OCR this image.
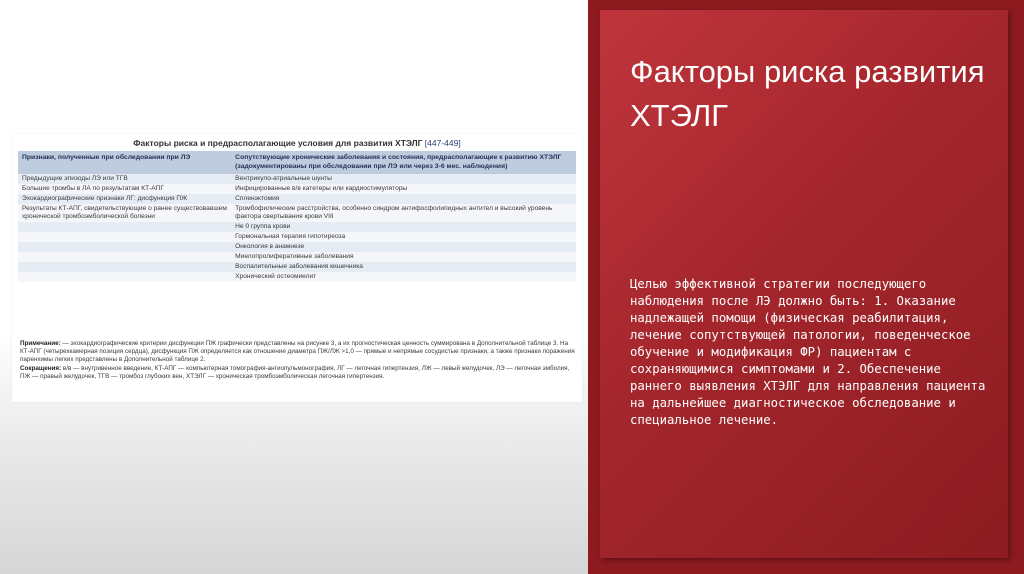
Факторы риска и предрасполагающие условия для развития ХТЭЛГ [447-449]
Признаки, полученные при обследовании при ЛЭ	Сопутствующие хронические заболевания и состояния, предрасполагающие к развитию ХТЭЛГ (задокументированы при обследовании при ЛЭ или через 3-6 мес. наблюдения)
Предыдущие эпизоды ЛЭ или ТГВ	Вентрикуло-атриальные шунты
Большие тромбы в ЛА по результатам КТ-АПГ	Инфицированные в/в катетеры или кардиостимуляторы
Эхокардиографические признаки ЛГ: дисфункция ПЖ	Спленэктомия
Результаты КТ-АПГ, свидетельствующие о ранее существовавшем хронической тромбоэмболической болезни	Тромбофилические расстройства, особенно синдром антифосфолипидных антител и высокий уровень фактора свертывания крови VIII
	Не 0 группа крови
	Гормональная терапия гипотиреоза
	Онкология в анамнезе
	Миелопролиферативные заболевания
	Воспалительные заболевания кишечника
	Хронический остеомиелит
Примечание: — эхокардиографические критерии дисфункции ПЖ графически представлены на рисунке 3, а их прогностическая ценность суммирована в Дополнительной таблице 3. На КТ-АПГ (четырехкамерная позиция сердца), дисфункция ПЖ определяется как отношение диаметра ПЖ/ЛЖ >1,0 — прямые и непрямые сосудистые признаки, а также признаки поражения паренхимы легких представлены в Дополнительной таблице 2.
Сокращения: в/в — внутривенное введение, КТ-АПГ — компьютерная томография-ангиопульмонография, ЛГ — легочная гипертензия, ЛЖ — левый желудочек, ЛЭ — легочная эмболия, ПЖ — правый желудочек, ТГВ — тромбоз глубоких вен, ХТЭЛГ — хроническая тромбоэмболическая легочная гипертензия.
Факторы риска развития ХТЭЛГ
Целью эффективной стратегии последующего наблюдения после ЛЭ должно быть: 1. Оказание надлежащей помощи (физическая реабилитация, лечение сопутствующей патологии, поведенческое обучение и модификация ФР) пациентам с сохраняющимися симптомами и 2. Обеспечение раннего выявления ХТЭЛГ для направления пациента на дальнейшее диагностическое обследование и специальное лечение.
